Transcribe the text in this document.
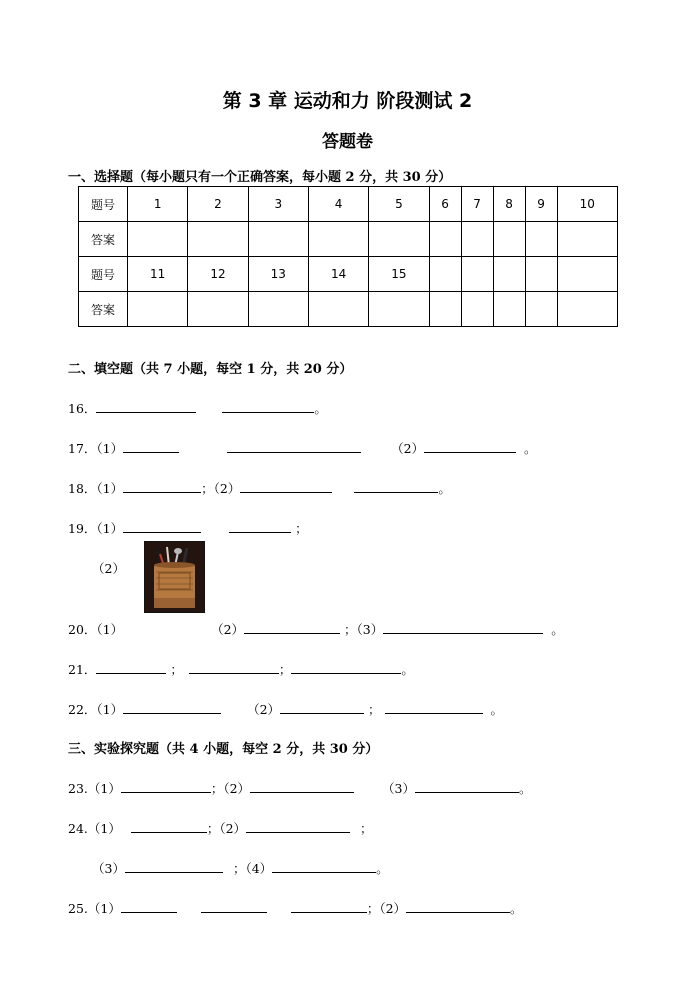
第 3 章 运动和力 阶段测试 2
答题卷
一、选择题（每小题只有一个正确答案，每小题 2 分，共 30 分）
题号	1	2	3	4	5	6	7	8	9	10
答案										
题号	11	12	13	14	15					
答案										
二、填空题（共 7 小题，每空 1 分，共 20 分）
16．	。
17．（1）	（2）	。
18．（1）	；（2）	。
19．（1）	；
（2）
20．（1）	（2）	；（3）	。
21．	；	；	。
22．（1）	（2）	；	。
三、实验探究题（共 4 小题，每空 2 分，共 30 分）
23.（1）	；（2）	（3）	。
24.（1）	；（2）	；
（3）	；（4）	。
25.（1）	；（2）	。
